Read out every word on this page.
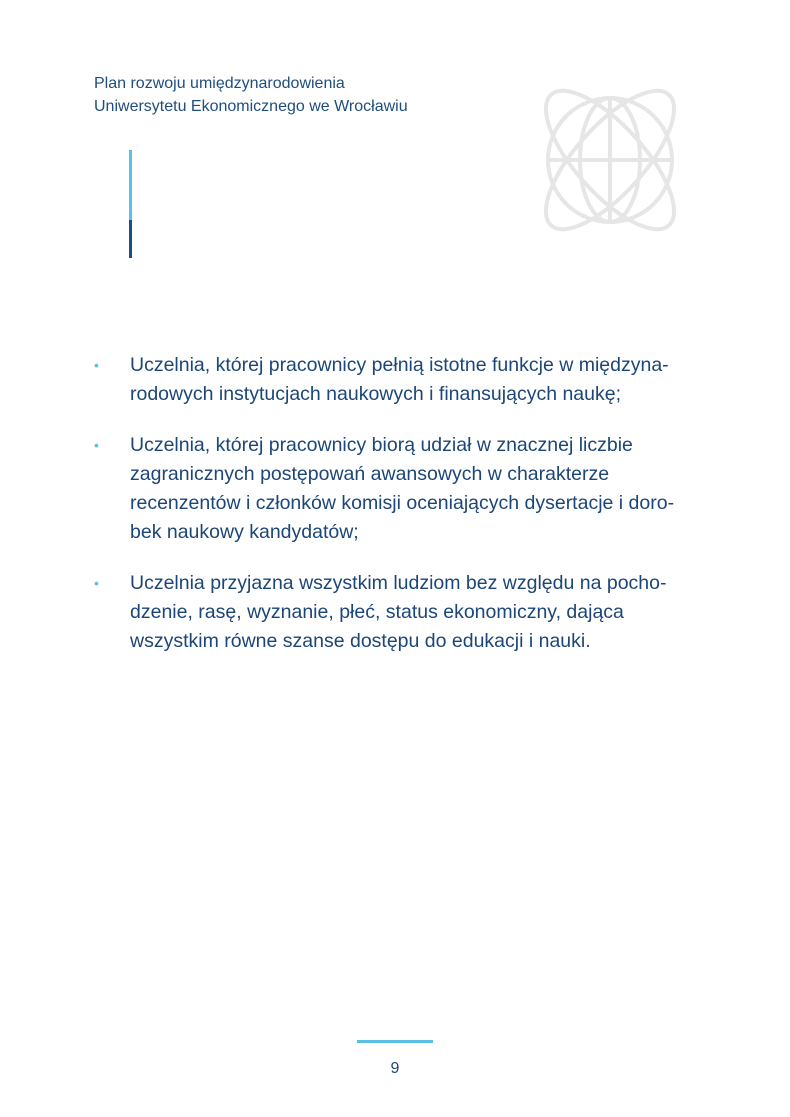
Plan rozwoju umiędzynarodowienia
Uniwersytetu Ekonomicznego we Wrocławiu
• Uczelnia, której pracownicy pełnią istotne funkcje w międzyna-
rodowych instytucjach naukowych i finansujących naukę;
• Uczelnia, której pracownicy biorą udział w znacznej liczbie
zagranicznych postępowań awansowych w charakterze
recenzentów i członków komisji oceniających dysertacje i doro-
bek naukowy kandydatów;
• Uczelnia przyjazna wszystkim ludziom bez względu na pocho-
dzenie, rasę, wyznanie, płeć, status ekonomiczny, dająca
wszystkim równe szanse dostępu do edukacji i nauki.
9
